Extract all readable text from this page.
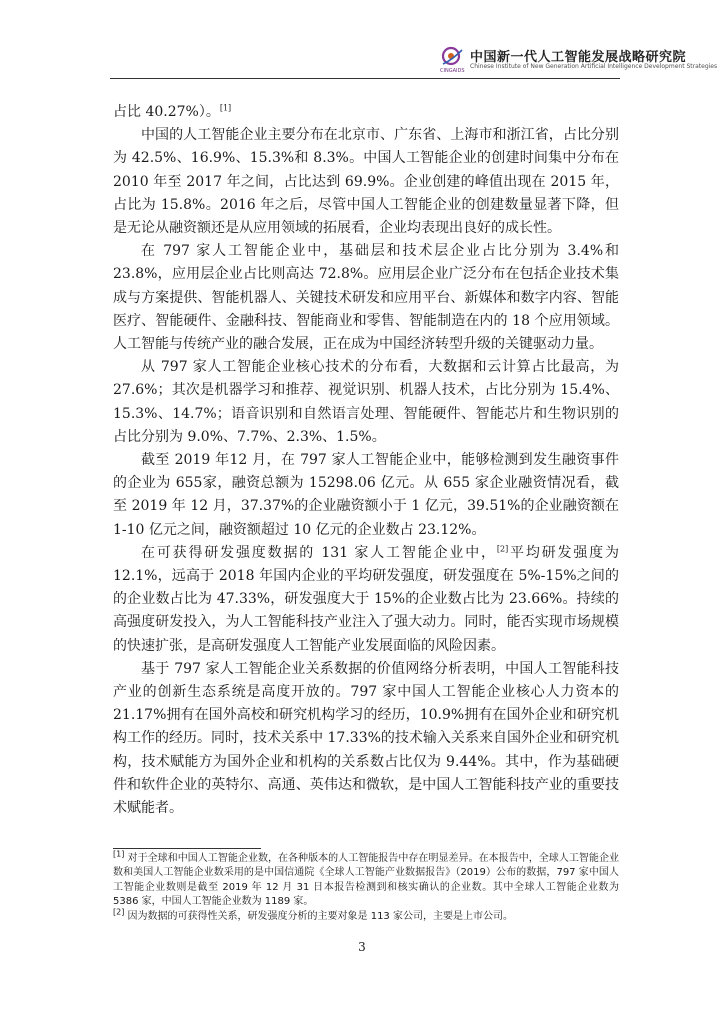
中国新一代人工智能发展战略研究院
Chinese Institute of New Generation Artificial Intelligence Development Strategies
CINGAIDS

占比 40.27%）。[1]

中国的人工智能企业主要分布在北京市、广东省、上海市和浙江省，占比分别为 42.5%、16.9%、15.3%和 8.3%。中国人工智能企业的创建时间集中分布在 2010 年至 2017 年之间，占比达到 69.9%。企业创建的峰值出现在 2015 年，占比为 15.8%。2016 年之后，尽管中国人工智能企业的创建数量显著下降，但是无论从融资额还是从应用领域的拓展看，企业均表现出良好的成长性。

在 797 家人工智能企业中，基础层和技术层企业占比分别为 3.4%和 23.8%，应用层企业占比则高达 72.8%。应用层企业广泛分布在包括企业技术集成与方案提供、智能机器人、关键技术研发和应用平台、新媒体和数字内容、智能医疗、智能硬件、金融科技、智能商业和零售、智能制造在内的 18 个应用领域。人工智能与传统产业的融合发展，正在成为中国经济转型升级的关键驱动力量。

从 797 家人工智能企业核心技术的分布看，大数据和云计算占比最高，为 27.6%；其次是机器学习和推荐、视觉识别、机器人技术，占比分别为 15.4%、15.3%、14.7%；语音识别和自然语言处理、智能硬件、智能芯片和生物识别的占比分别为 9.0%、7.7%、2.3%、1.5%。

截至 2019 年12 月，在 797 家人工智能企业中，能够检测到发生融资事件的企业为 655家，融资总额为 15298.06 亿元。从 655 家企业融资情况看，截至 2019 年 12 月，37.37%的企业融资额小于 1 亿元，39.51%的企业融资额在1-10 亿元之间，融资额超过 10 亿元的企业数占 23.12%。

在可获得研发强度数据的 131 家人工智能企业中，[2]平均研发强度为 12.1%，远高于 2018 年国内企业的平均研发强度，研发强度在 5%-15%之间的的企业数占比为 47.33%，研发强度大于 15%的企业数占比为 23.66%。持续的高强度研发投入，为人工智能科技产业注入了强大动力。同时，能否实现市场规模的快速扩张，是高研发强度人工智能产业发展面临的风险因素。

基于 797 家人工智能企业关系数据的价值网络分析表明，中国人工智能科技产业的创新生态系统是高度开放的。797 家中国人工智能企业核心人力资本的 21.17%拥有在国外高校和研究机构学习的经历，10.9%拥有在国外企业和研究机构工作的经历。同时，技术关系中 17.33%的技术输入关系来自国外企业和研究机构，技术赋能方为国外企业和机构的关系数占比仅为 9.44%。其中，作为基础硬件和软件企业的英特尔、高通、英伟达和微软，是中国人工智能科技产业的重要技术赋能者。

[1] 对于全球和中国人工智能企业数，在各种版本的人工智能报告中存在明显差异。在本报告中，全球人工智能企业数和美国人工智能企业数采用的是中国信通院《全球人工智能产业数据报告》（2019）公布的数据，797 家中国人工智能企业数则是截至 2019 年 12 月 31 日本报告检测到和核实确认的企业数。其中全球人工智能企业数为 5386 家，中国人工智能企业数为 1189 家。

[2] 因为数据的可获得性关系，研发强度分析的主要对象是 113 家公司，主要是上市公司。

3
